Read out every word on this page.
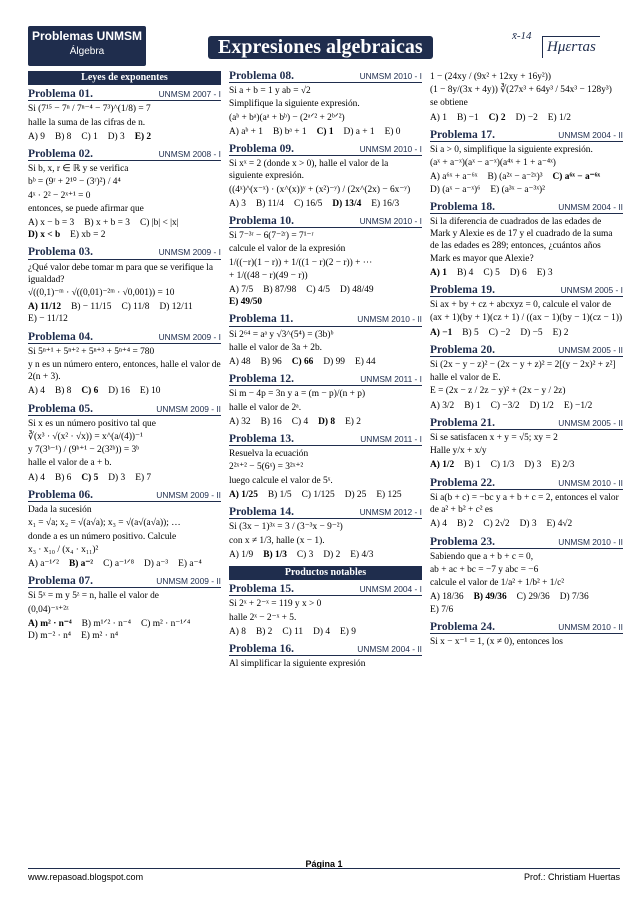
Problemas UNMSM
Álgebra	Expresiones algebraicas	x̄-14
Hμεrτas
Leyes de exponentes
Problema 01.	UNMSM 2007 - I
Si (7¹⁵ − 7ⁿ / 7ⁿ⁻⁴ − 7³)^(1/8) = 7
halle la suma de las cifras de n.
A) 9 B) 8 C) 1 D) 3 E) 2
Problema 02.	UNMSM 2008 - I
Si b, x, r ∈ ℝ y se verifica
bᵇ = (9ʳ + 2¹⁰ − (3ʳ)²) / 4⁴
4ˣ · 2² − 2ˣ⁺¹ = 0
entonces, se puede afirmar que
A) x − b = 3 B) x + b = 3 C) |b| < |x|
D) x < b E) xb = 2
Problema 03.	UNMSM 2009 - I
¿Qué valor debe tomar m para que se verifique la igualdad?
√((0,1)⁻ᵐ · √((0,01)⁻²ᵐ · √0,001)) = 10
A) 11/12 B) − 11/15 C) 11/8 D) 12/11
E) − 11/12
Problema 04.	UNMSM 2009 - I
Si 5ⁿ⁺¹ + 5ⁿ⁺² + 5ⁿ⁺³ + 5ⁿ⁺⁴ = 780
y n es un número entero, entonces, halle el valor de 2(n + 3).
A) 4 B) 8 C) 6 D) 16 E) 10
Problema 05.	UNMSM 2009 - II
Si x es un número positivo tal que
∛(x³ · √(x² · √x)) = x^(a/(4))⁻¹
y 7(3ᵇ⁻¹) / (9ᵇ⁺¹ − 2(3²ᵇ)) = 3ᵇ
halle el valor de a + b.
A) 4 B) 6 C) 5 D) 3 E) 7
Problema 06.	UNMSM 2009 - II
Dada la sucesión
x₁ = √a; x₂ = √(a√a); x₃ = √(a√(a√a)); …
donde a es un número positivo. Calcule
x₃ · x₁₀ / (x₄ · x₁₁)²
A) a⁻¹ᐟ² B) a⁻² C) a⁻¹ᐟ⁸ D) a⁻³ E) a⁻⁴
Problema 07.	UNMSM 2009 - II
Si 5ˣ = m y 5ᶻ = n, halle el valor de
(0,04)⁻ˣ⁺²ᶻ
A) m² · n⁻⁴ B) m¹ᐟ² · n⁻⁴ C) m² · n⁻¹ᐟ⁴
D) m⁻² · n⁴ E) m² · n⁴
Problema 08.	UNMSM 2010 - I
Si a + b = 1 y ab = √2
Simplifique la siguiente expresión.
(aᵇ + bᵃ)(aᵃ + bᵇ) − (2ᵃᐟ² + 2ᵇᐟ²)
A) aᵇ + 1 B) bᵃ + 1 C) 1 D) a + 1 E) 0
Problema 09.	UNMSM 2010 - I
Si xˣ = 2 (donde x > 0), halle el valor de la siguiente expresión.
((4ˣ)^(x⁻ˣ) · (x^(x))ʸ + (x²)⁻ʸ) / (2x^(2x) − 6x⁻ʸ)
A) 3 B) 11/4 C) 16/5 D) 13/4 E) 16/3
Problema 10.	UNMSM 2010 - I
Si 7⁻³ʳ − 6(7⁻²ʳ) = 7¹⁻ʳ
calcule el valor de la expresión
1/((−r)(1 − r)) + 1/((1 − r)(2 − r)) + ⋯
+ 1/((48 − r)(49 − r))
A) 7/5 B) 87/98 C) 4/5 D) 48/49
E) 49/50
Problema 11.	UNMSM 2010 - II
Si 2⁶⁴ = aᵃ y √3^(5⁴) = (3b)ᵇ
halle el valor de 3a + 2b.
A) 48 B) 96 C) 66 D) 99 E) 44
Problema 12.	UNMSM 2011 - I
Si m − 4p = 3n y a = (m − p)/(n + p)
halle el valor de 2ᵃ.
A) 32 B) 16 C) 4 D) 8 E) 2
Problema 13.	UNMSM 2011 - I
Resuelva la ecuación
2²ˣ⁺² − 5(6ˣ) = 3²ˣ⁺²
luego calcule el valor de 5ˣ.
A) 1/25 B) 1/5 C) 1/125 D) 25 E) 125
Problema 14.	UNMSM 2012 - I
Si (3x − 1)³ˣ = 3 / (3⁻³x − 9⁻²)
con x ≠ 1/3, halle (x − 1).
A) 1/9 B) 1/3 C) 3 D) 2 E) 4/3
Productos notables
Problema 15.	UNMSM 2004 - I
Si 2ˣ + 2⁻ˣ = 119 y x > 0
halle 2ˣ − 2⁻ˣ + 5.
A) 8 B) 2 C) 11 D) 4 E) 9
Problema 16.	UNMSM 2004 - II
Al simplificar la siguiente expresión
1 − (24xy / (9x² + 12xy + 16y²))
(1 − 8y/(3x + 4y)) ∛(27x³ + 64y³ / 54x³ − 128y³)
se obtiene
A) 1 B) −1 C) 2 D) −2 E) 1/2
Problema 17.	UNMSM 2004 - II
Si a > 0, simplifique la siguiente expresión.
(aˣ + a⁻ˣ)(aˣ − a⁻ˣ)(a⁴ˣ + 1 + a⁻⁴ˣ)
A) a⁶ˣ + a⁻⁶ˣ B) (a²ˣ − a⁻²ˣ)³ C) a⁶ˣ − a⁻⁶ˣ
D) (aˣ − a⁻ˣ)⁶ E) (a³ˣ − a⁻³ˣ)²
Problema 18.	UNMSM 2004 - II
Si la diferencia de cuadrados de las edades de Mark y Alexie es de 17 y el cuadrado de la suma de las edades es 289; entonces, ¿cuántos años Mark es mayor que Alexie?
A) 1 B) 4 C) 5 D) 6 E) 3
Problema 19.	UNMSM 2005 - I
Si ax + by + cz + abcxyz = 0, calcule el valor de
(ax + 1)(by + 1)(cz + 1) / ((ax − 1)(by − 1)(cz − 1))
A) −1 B) 5 C) −2 D) −5 E) 2
Problema 20.	UNMSM 2005 - II
Si (2x − y − z)² − (2x − y + z)² = 2[(y − 2x)² + z²]
halle el valor de E.
E = (2x − z / 2z − y)² + (2x − y / 2z)
A) 3/2 B) 1 C) −3/2 D) 1/2 E) −1/2
Problema 21.	UNMSM 2005 - II
Si se satisfacen x + y = √5; xy = 2
Halle y/x + x/y
A) 1/2 B) 1 C) 1/3 D) 3 E) 2/3
Problema 22.	UNMSM 2010 - II
Si a(b + c) = −bc y a + b + c = 2, entonces el valor de a² + b² + c² es
A) 4 B) 2 C) 2√2 D) 3 E) 4√2
Problema 23.	UNMSM 2010 - II
Sabiendo que a + b + c = 0,
ab + ac + bc = −7 y abc = −6
calcule el valor de 1/a² + 1/b² + 1/c²
A) 18/36 B) 49/36 C) 29/36 D) 7/36
E) 7/6
Problema 24.	UNMSM 2010 - II
Si x − x⁻¹ = 1, (x ≠ 0), entonces los
www.repasoad.blogspot.com
Página 1
Prof.: Christiam Huertas
